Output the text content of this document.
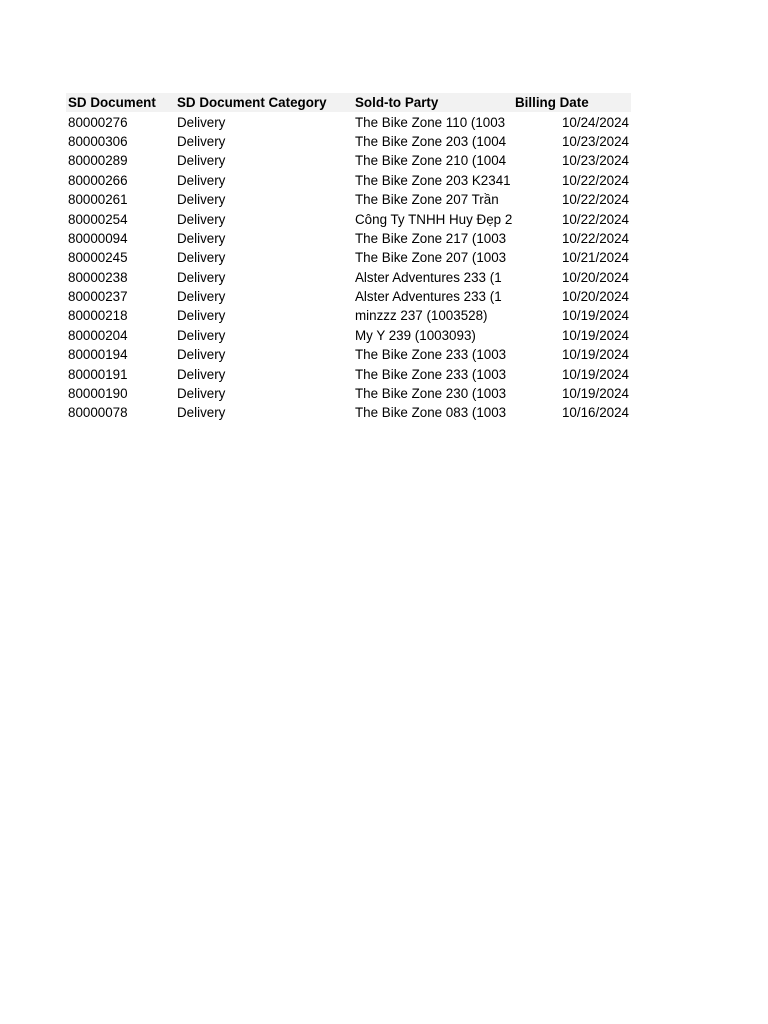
SD Document	SD Document Category	Sold-to Party	Billing Date
80000276	Delivery	The Bike Zone 110 (1003	10/24/2024
80000306	Delivery	The Bike Zone 203 (1004	10/23/2024
80000289	Delivery	The Bike Zone 210 (1004	10/23/2024
80000266	Delivery	The Bike Zone 203 K2341	10/22/2024
80000261	Delivery	The Bike Zone 207 Trần	10/22/2024
80000254	Delivery	Công Ty TNHH Huy Đẹp 2	10/22/2024
80000094	Delivery	The Bike Zone 217 (1003	10/22/2024
80000245	Delivery	The Bike Zone 207 (1003	10/21/2024
80000238	Delivery	Alster Adventures 233 (1	10/20/2024
80000237	Delivery	Alster Adventures 233 (1	10/20/2024
80000218	Delivery	minzzz 237 (1003528)	10/19/2024
80000204	Delivery	My Y 239 (1003093)	10/19/2024
80000194	Delivery	The Bike Zone 233 (1003	10/19/2024
80000191	Delivery	The Bike Zone 233 (1003	10/19/2024
80000190	Delivery	The Bike Zone 230 (1003	10/19/2024
80000078	Delivery	The Bike Zone 083 (1003	10/16/2024
